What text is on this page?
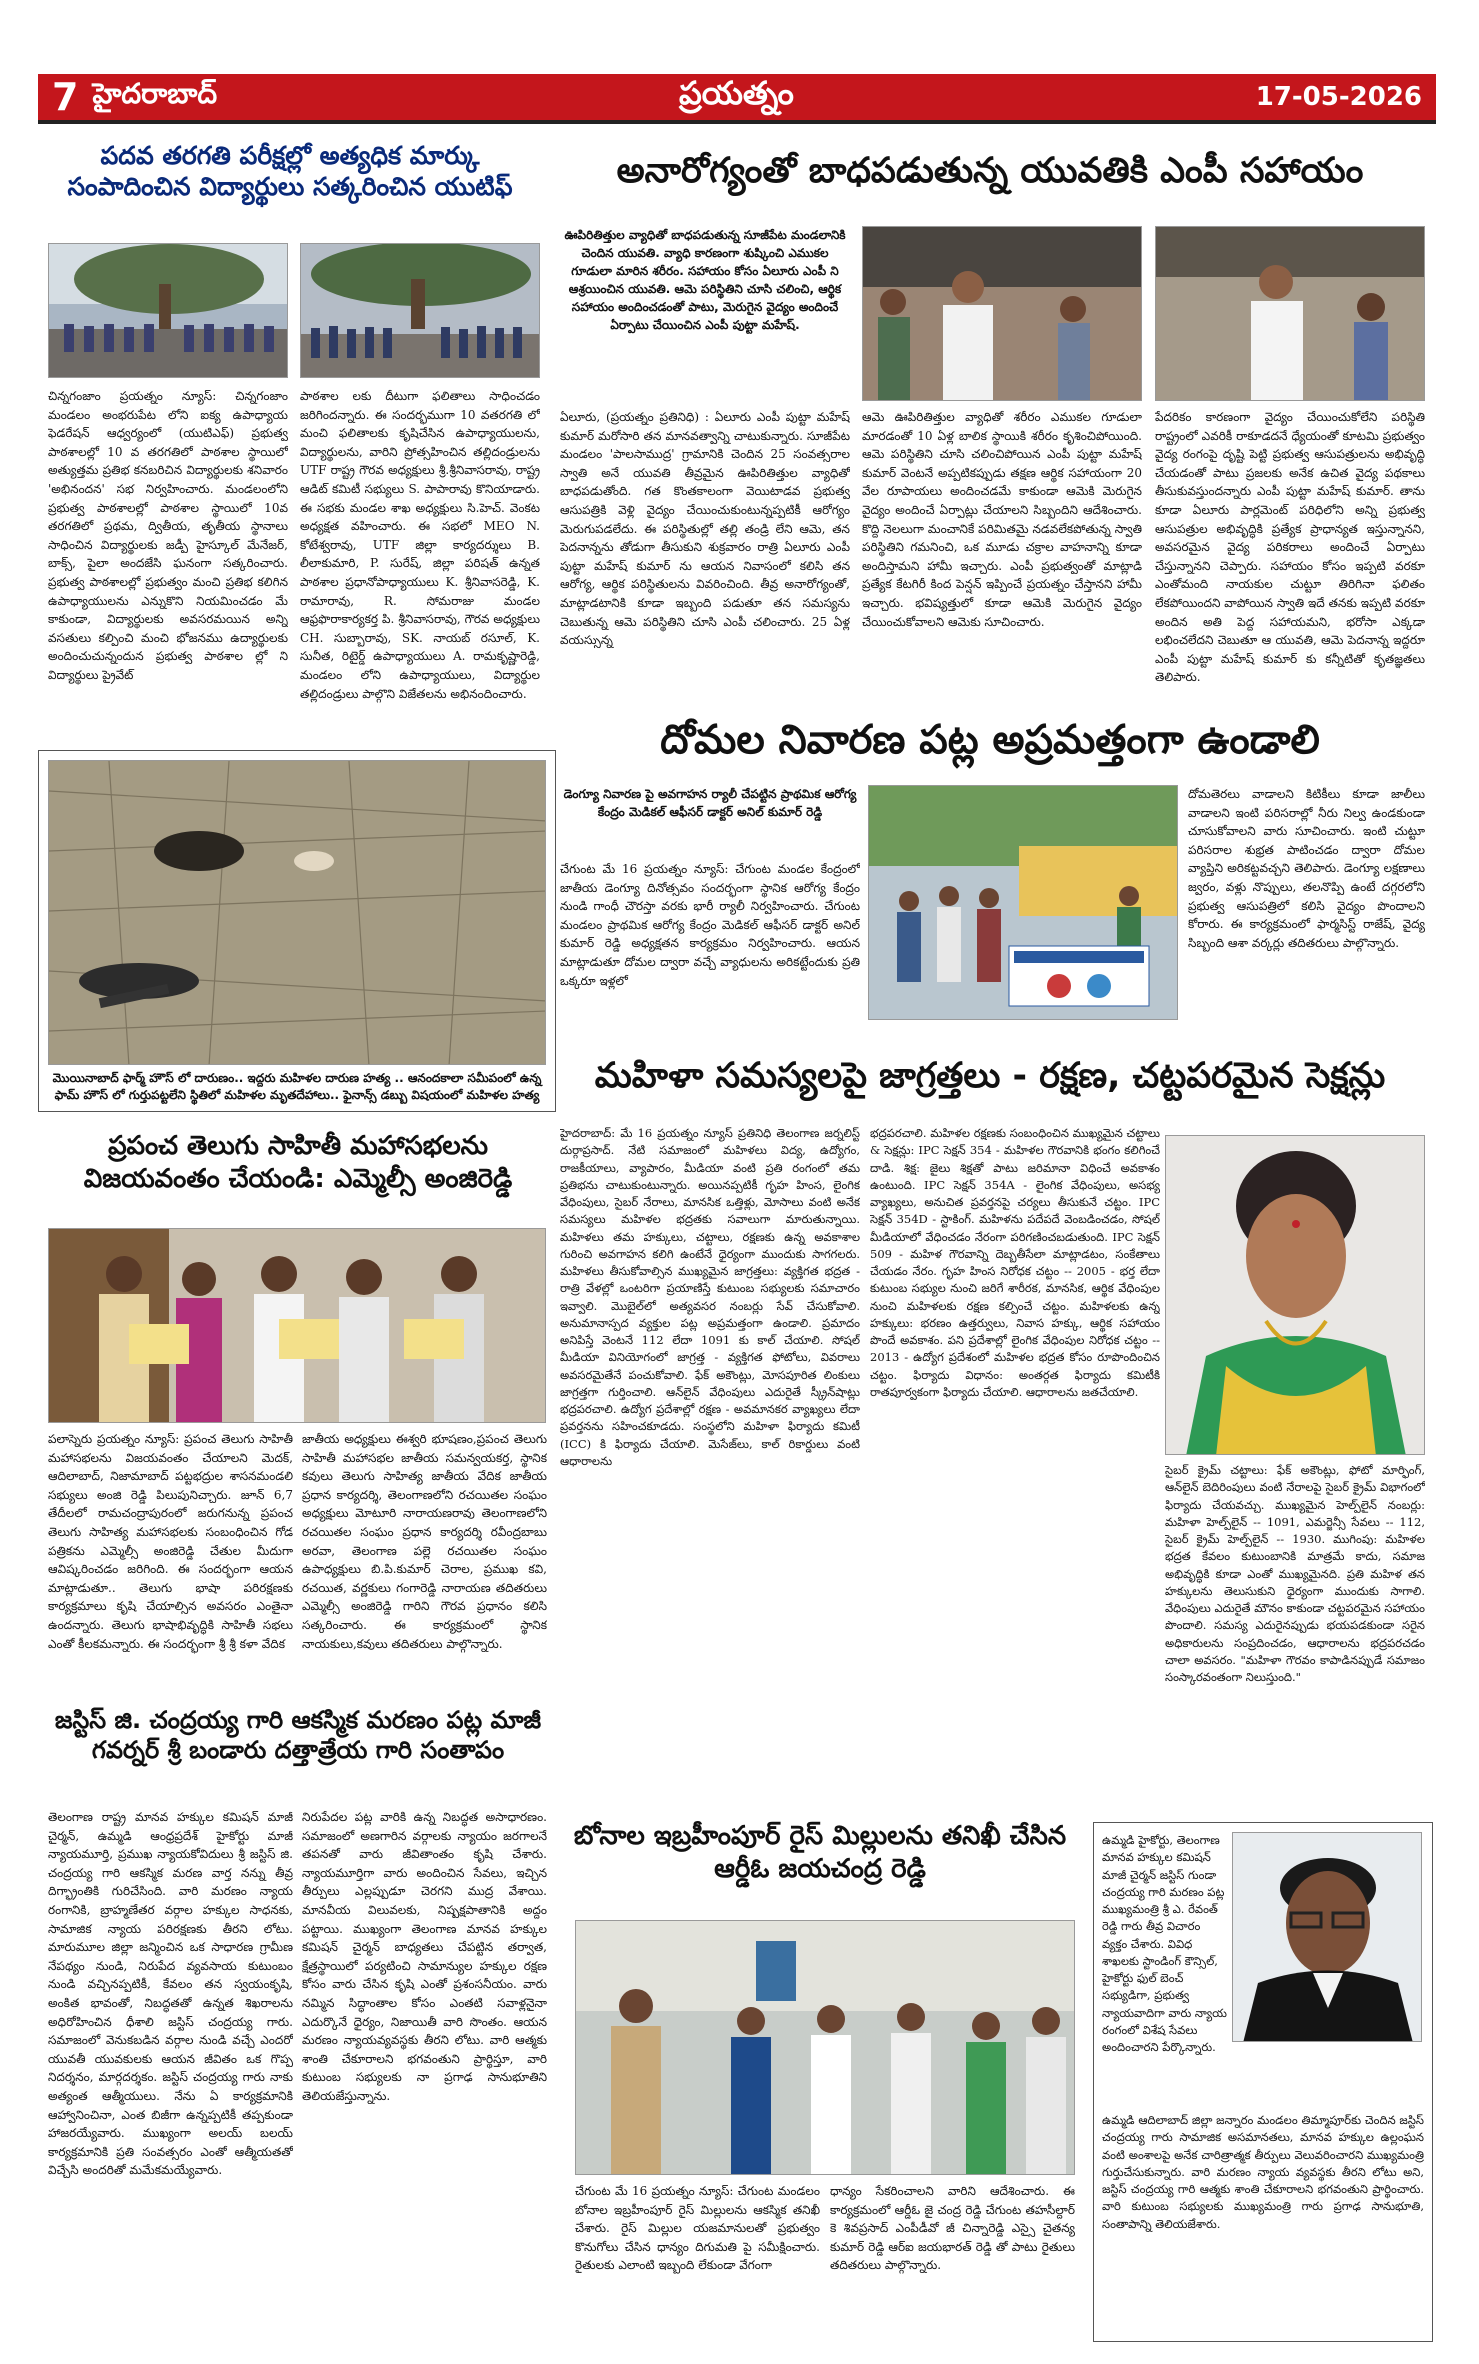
7 హైదరాబాద్	ప్రయత్నం	17-05-2026
పదవ తరగతి పరీక్షల్లో అత్యధిక మార్కు సంపాదించిన విద్యార్థులు సత్కరించిన యుటిఫ్
చిన్నగంజాం ప్రయత్నం న్యూస్: చిన్నగంజాం మండలం అంభరుపేట లోని ఐక్య ఉపాధ్యాయ ఫెడరేషన్ ఆధ్వర్యంలో (యుటిఎఫ్) ప్రభుత్వ పాఠశాలల్లో 10 వ తరగతిలో పాఠశాల స్థాయిలో అత్యుత్తమ ప్రతిభ కనబరిచిన విద్యార్థులకు శనివారం 'అభినందన' సభ నిర్వహించారు. మండలంలోని ప్రభుత్వ పాఠశాలల్లో పాఠశాల స్థాయిలో 10వ తరగతిలో ప్రథమ, ద్వితీయ, తృతీయ స్థానాలు సాధించిన విద్యార్థులకు జడ్పీ హైస్కూల్ మేనేజర్, బాక్స్, పైలా అందజేసి ఘనంగా సత్కరించారు. ప్రభుత్వ పాఠశాలల్లో ప్రభుత్వం మంచి ప్రతిభ కలిగిన ఉపాధ్యాయులను ఎన్నుకొని నియమించడం మే కాకుండా, విద్యార్థులకు అవసరమయిన అన్ని వసతులు కల్పించి మంచి భోజనము ఉద్యార్థులకు అందించుచున్నందున ప్రభుత్వ పాఠశాల ల్లో ని విద్యార్థులు ప్రైవేట్
పాఠశాల లకు దీటుగా ఫలితాలు సాధించడం జరిగిందన్నారు. ఈ సందర్భముగా 10 వతరగతి లో మంచి ఫలితాలకు కృషిచేసిన ఉపాధ్యాయులను, విద్యార్థులను, వారిని ప్రోత్సహించిన తల్లిదండ్రులను UTF రాష్ట్ర గౌరవ అధ్యక్షులు శ్రీ.శ్రీనివాసరావు, రాష్ట్ర ఆడిట్ కమిటీ సభ్యులు S. పాపారావు కొనియాడారు. ఈ సభకు మండల శాఖ అధ్యక్షులు సి.హెచ్. వెంకట అధ్యక్షత వహించారు. ఈ సభలో MEO N. కోటేశ్వరావు, UTF జిల్లా కార్యదర్శులు B. లీలాకుమారి, P. సురేష్, జిల్లా పరిషత్ ఉన్నత పాఠశాల ప్రధానోపాధ్యాయులు K. శ్రీనివాసరెడ్డి, K. రామారావు, R. సోమరాజు మండల ఆఫ్రఫొరాకార్యకర్త పి. శ్రీనివాసరావు, గౌరవ అధ్యక్షులు CH. సుబ్బారావు, SK. నాయబ్ రసూల్, K. సునీత, రిటైర్డ్ ఉపాధ్యాయులు A. రామకృష్ణారెడ్డి, మండలం లోని ఉపాధ్యాయులు, విద్యార్థుల తల్లిదండ్రులు పాల్గొని విజేతలను అభినందించారు.
అనారోగ్యంతో బాధపడుతున్న యువతికి ఎంపీ సహాయం
ఊపిరితిత్తుల వ్యాధితో బాధపడుతున్న సూజీపేట మండలానికి చెందిన యువతి. వ్యాధి కారణంగా శుష్కించి ఎముకల గూడులా మారిన శరీరం. సహాయం కోసం ఏలూరు ఎంపీ ని ఆశ్రయించిన యువతి. ఆమె పరిస్థితిని చూసి చలించి, ఆర్థిక సహాయం అందించడంతో పాటు, మెరుగైన వైద్యం అందించే ఏర్పాటు చేయించిన ఎంపీ పుట్టా మహేష్.
ఏలూరు, (ప్రయత్నం ప్రతినిధి) : ఏలూరు ఎంపీ పుట్టా మహేష్ కుమార్ మరోసారి తన మానవత్వాన్ని చాటుకున్నారు. సూజీపేట మండలం 'పాలసాముద్ర' గ్రామానికి చెందిన 25 సంవత్సరాల స్వాతి అనే యువతి తీవ్రమైన ఊపిరితిత్తుల వ్యాధితో బాధపడుతోంది. గత కొంతకాలంగా వెయిటాడవ ప్రభుత్వ ఆసుపత్రికి వెళ్లి వైద్యం చేయించుకుంటున్నప్పటికీ ఆరోగ్యం మెరుగుపడలేదు. ఈ పరిస్థితుల్లో తల్లి తండ్రి లేని ఆమె, తన పెదనాన్నను తోడుగా తీసుకుని శుక్రవారం రాత్రి ఏలూరు ఎంపీ పుట్టా మహేష్ కుమార్ ను ఆయన నివాసంలో కలిసి తన ఆరోగ్య, ఆర్థిక పరిస్థితులను వివరించింది. తీవ్ర అనారోగ్యంతో, మాట్లాడటానికి కూడా ఇబ్బంది పడుతూ తన సమస్యను చెబుతున్న ఆమె పరిస్థితిని చూసి ఎంపీ చలించారు. 25 ఏళ్ల వయస్సున్న
ఆమె ఊపిరితిత్తుల వ్యాధితో శరీరం ఎముకల గూడులా మారడంతో 10 ఏళ్ల బాలిక స్థాయికి శరీరం కృశించిపోయింది. ఆమె పరిస్థితిని చూసి చలించిపోయిన ఎంపీ పుట్టా మహేష్ కుమార్ వెంటనే అప్పటికప్పుడు తక్షణ ఆర్థిక సహాయంగా 20 వేల రూపాయలు అందించడమే కాకుండా ఆమెకి మెరుగైన వైద్యం అందించే ఏర్పాట్లు చేయాలని సిబ్బందిని ఆదేశించారు. కొద్ది నెలలుగా మంచానికే పరిమితమై నడవలేకపోతున్న స్వాతి పరిస్థితిని గమనించి, ఒక మూడు చక్రాల వాహనాన్ని కూడా అందిస్తామని హామీ ఇచ్చారు. ఎంపీ ప్రభుత్వంతో మాట్లాడి ప్రత్యేక కేటగిరీ కింద పెన్షన్ ఇప్పించే ప్రయత్నం చేస్తానని హామీ ఇచ్చారు. భవిష్యత్తులో కూడా ఆమెకి మెరుగైన వైద్యం చేయించుకోవాలని ఆమెకు సూచించారు.
పేదరికం కారణంగా వైద్యం చేయించుకోలేని పరిస్థితి రాష్ట్రంలో ఎవరికీ రాకూడదనే ధ్యేయంతో కూటమి ప్రభుత్వం వైద్య రంగంపై దృష్టి పెట్టి ప్రభుత్వ ఆసుపత్రులను అభివృద్ధి చేయడంతో పాటు ప్రజలకు అనేక ఉచిత వైద్య పథకాలు తీసుకువస్తుందన్నారు ఎంపీ పుట్టా మహేష్ కుమార్. తాను కూడా ఏలూరు పార్లమెంట్ పరిధిలోని అన్ని ప్రభుత్వ ఆసుపత్రుల అభివృద్ధికి ప్రత్యేక ప్రాధాన్యత ఇస్తున్నానని, అవసరమైన వైద్య పరికరాలు అందించే ఏర్పాటు చేస్తున్నానని చెప్పారు. సహాయం కోసం ఇప్పటి వరకూ ఎంతోమంది నాయకుల చుట్టూ తిరిగినా ఫలితం లేకపోయిందని వాపోయిన స్వాతి ఇదే తనకు ఇప్పటి వరకూ అందిన అతి పెద్ద సహాయమని, భరోసా ఎక్కడా లభించలేదని చెబుతూ ఆ యువతి, ఆమె పెదనాన్న ఇద్దరూ ఎంపీ పుట్టా మహేష్ కుమార్ కు కన్నీటితో కృతజ్ఞతలు తెలిపారు.
మొయినాబాద్ ఫార్మ్ హౌస్ లో దారుణం.. ఇద్దరు మహిళల దారుణ హత్య .. ఆనందకాలా సమీపంలో ఉన్న ఫామ్ హౌస్ లో గుర్తుపట్టలేని స్థితిలో మహిళల మృతదేహాలు.. ఫైనాన్స్ డబ్బు విషయంలో మహిళల హత్య
దోమల నివారణ పట్ల అప్రమత్తంగా ఉండాలి
డెంగ్యూ నివారణ పై అవగాహన ర్యాలీ చేపట్టిన ప్రాథమిక ఆరోగ్య కేంద్రం మెడికల్ ఆఫీసర్ డాక్టర్ అనిల్ కుమార్ రెడ్డి
చేగుంట మే 16 ప్రయత్నం న్యూస్: చేగుంట మండల కేంద్రంలో జాతీయ డెంగ్యూ దినోత్సవం సందర్భంగా స్థానిక ఆరోగ్య కేంద్రం నుండి గాంధీ చౌరస్తా వరకు భారీ ర్యాలీ నిర్వహించారు. చేగుంట మండలం ప్రాథమిక ఆరోగ్య కేంద్రం మెడికల్ ఆఫీసర్ డాక్టర్ అనిల్ కుమార్ రెడ్డి అధ్యక్షతన కార్యక్రమం నిర్వహించారు. ఆయన మాట్లాడుతూ దోమల ద్వారా వచ్చే వ్యాధులను అరికట్టేందుకు ప్రతి ఒక్కరూ ఇళ్లలో
దోమతెరలు వాడాలని కిటికీలు కూడా జాలీలు వాడాలని ఇంటి పరిసరాల్లో నీరు నిల్వ ఉండకుండా చూసుకోవాలని వారు సూచించారు. ఇంటి చుట్టూ పరిసరాల శుభ్రత పాటించడం ద్వారా దోమల వ్యాప్తిని అరికట్టవచ్చని తెలిపారు. డెంగ్యూ లక్షణాలు జ్వరం, వళ్లు నొప్పులు, తలనొప్పి ఉంటే దగ్గరలోని ప్రభుత్వ ఆసుపత్రిలో కలిసి వైద్యం పొందాలని కోరారు. ఈ కార్యక్రమంలో ఫార్మసిస్ట్ రాజేష్, వైద్య సిబ్బంది ఆశా వర్కర్లు తదితరులు పాల్గొన్నారు.
ప్రపంచ తెలుగు సాహితీ మహాసభలను విజయవంతం చేయండి: ఎమ్మెల్సీ అంజిరెడ్డి
పలాస్నెరు ప్రయత్నం న్యూస్: ప్రపంచ తెలుగు సాహితీ మహాసభలను విజయవంతం చేయాలని మెదక్, ఆదిలాబాద్, నిజామాబాద్ పట్టభద్రుల శాసనమండలి సభ్యులు అంజి రెడ్డి పిలుపునిచ్చారు. జూన్ 6,7 తేదీలలో రామచంద్రాపురంలో జరుగనున్న ప్రపంచ తెలుగు సాహిత్య మహాసభలకు సంబంధించిన గోడ పత్రికను ఎమ్మెల్సీ అంజిరెడ్డి చేతుల మీదుగా ఆవిష్కరించడం జరిగింది. ఈ సందర్భంగా ఆయన మాట్లాడుతూ.. తెలుగు భాషా పరిరక్షణకు కార్యక్రమాలు కృషి చేయాల్సిన అవసరం ఎంతైనా ఉందన్నారు. తెలుగు భాషాభివృద్ధికి సాహితీ సభలు ఎంతో కీలకమన్నారు. ఈ సందర్భంగా శ్రీ శ్రీ కళా వేదిక
జాతీయ అధ్యక్షులు ఈశ్వరి భూషణం,ప్రపంచ తెలుగు సాహితీ మహాసభల జాతీయ సమన్వయకర్త, స్థానిక కవులు తెలుగు సాహిత్య జాతీయ వేదిక జాతీయ ప్రధాన కార్యదర్శి, తెలంగాణలోని రచయితల సంఘం అధ్యక్షులు మోటూరి నారాయణరావు తెలంగాణలోని రచయితల సంఘం ప్రధాన కార్యదర్శి రవీంద్రబాబు అరవా, తెలంగాణ పల్లె రచయితల సంఘం ఉపాధ్యక్షులు బి.పి.కుమార్ చెరాల, ప్రముఖ కవి, రచయిత, వర్ణకులు గంగారెడ్డి నారాయణ తదితరులు ఎమ్మెల్సీ అంజిరెడ్డి గారిని గౌరవ ప్రధానం కలిసి సత్కరించారు. ఈ కార్యక్రమంలో స్థానిక నాయకులు,కవులు తదితరులు పాల్గొన్నారు.
జస్టిస్ జి. చంద్రయ్య గారి ఆకస్మిక మరణం పట్ల మాజీ గవర్నర్ శ్రీ బండారు దత్తాత్రేయ గారి సంతాపం
తెలంగాణ రాష్ట్ర మానవ హక్కుల కమిషన్ మాజీ చైర్మన్, ఉమ్మడి ఆంధ్రప్రదేశ్ హైకోర్టు మాజీ న్యాయమూర్తి, ప్రముఖ న్యాయకోవిదులు శ్రీ జస్టిస్ జి. చంద్రయ్య గారి ఆకస్మిక మరణ వార్త నన్ను తీవ్ర దిగ్భ్రాంతికి గురిచేసింది. వారి మరణం న్యాయ రంగానికి, బ్రాహ్మణేతర వర్గాల హక్కుల సాధనకు, సామాజిక న్యాయ పరిరక్షణకు తీరని లోటు. మారుమూల జిల్లా జన్మించిన ఒక సాధారణ గ్రామీణ నేపథ్యం నుండి, నిరుపేద వ్యవసాయ కుటుంబం నుండి వచ్చినప్పటికీ, కేవలం తన స్వయంకృషి, అంకిత భావంతో, నిబద్ధతతో ఉన్నత శిఖరాలను అధిరోహించిన ధీశాలి జస్టిస్ చంద్రయ్య గారు. సమాజంలో వెనుకబడిన వర్గాల నుండి వచ్చే ఎందరో యువతీ యువకులకు ఆయన జీవితం ఒక గొప్ప నిదర్శనం, మార్గదర్శకం. జస్టిస్ చంద్రయ్య గారు నాకు అత్యంత ఆత్మీయులు. నేను ఏ కార్యక్రమానికి ఆహ్వానించినా, ఎంత బిజీగా ఉన్నప్పటికీ తప్పకుండా హాజరయ్యేవారు. ముఖ్యంగా అలయ్ బలయ్ కార్యక్రమానికి ప్రతి సంవత్సరం ఎంతో ఆత్మీయతతో విచ్చేసి అందరితో మమేకమయ్యేవారు.
నిరుపేదల పట్ల వారికి ఉన్న నిబద్ధత అసాధారణం. సమాజంలో అణగారిన వర్గాలకు న్యాయం జరగాలనే తపనతో వారు జీవితాంతం కృషి చేశారు. న్యాయమూర్తిగా వారు అందించిన సేవలు, ఇచ్చిన తీర్పులు ఎల్లప్పుడూ చెరగని ముద్ర వేశాయి. మానవీయ విలువలకు, నిష్పక్షపాతానికి అద్దం పట్టాయి. ముఖ్యంగా తెలంగాణ మానవ హక్కుల కమిషన్ చైర్మన్ బాధ్యతలు చేపట్టిన తర్వాత, క్షేత్రస్థాయిలో పర్యటించి సామాన్యుల హక్కుల రక్షణ కోసం వారు చేసిన కృషి ఎంతో ప్రశంసనీయం. వారు నమ్మిన సిద్ధాంతాల కోసం ఎంతటి సవాళ్లనైనా ఎదుర్కొనే ధైర్యం, నిజాయితీ వారి సొంతం. ఆయన మరణం న్యాయవ్యవస్థకు తీరని లోటు. వారి ఆత్మకు శాంతి చేకూరాలని భగవంతుని ప్రార్థిస్తూ, వారి కుటుంబ సభ్యులకు నా ప్రగాఢ సానుభూతిని తెలియజేస్తున్నాను.
మహిళా సమస్యలపై జాగ్రత్తలు - రక్షణ, చట్టపరమైన సెక్షన్లు
హైదరాబాద్: మే 16 ప్రయత్నం న్యూస్ ప్రతినిధి తెలంగాణ జర్నలిస్ట్ దుర్గాప్రసాద్. నేటి సమాజంలో మహిళలు విద్య, ఉద్యోగం, రాజకీయాలు, వ్యాపారం, మీడియా వంటి ప్రతి రంగంలో తమ ప్రతిభను చాటుకుంటున్నారు. అయినప్పటికీ గృహ హింస, లైంగిక వేధింపులు, సైబర్ నేరాలు, మానసిక ఒత్తిళ్లు, మోసాలు వంటి అనేక సమస్యలు మహిళల భద్రతకు సవాలుగా మారుతున్నాయి. మహిళలు తమ హక్కులు, చట్టాలు, రక్షణకు ఉన్న అవకాశాల గురించి అవగాహన కలిగి ఉంటేనే ధైర్యంగా ముందుకు సాగగలరు. మహిళలు తీసుకోవాల్సిన ముఖ్యమైన జాగ్రత్తలు: వ్యక్తిగత భద్రత - రాత్రి వేళల్లో ఒంటరిగా ప్రయాణిస్తే కుటుంబ సభ్యులకు సమాచారం ఇవ్వాలి. మొబైల్‌లో అత్యవసర నంబర్లు సేవ్ చేసుకోవాలి. అనుమానాస్పద వ్యక్తుల పట్ల అప్రమత్తంగా ఉండాలి. ప్రమాదం అనిపిస్తే వెంటనే 112 లేదా 1091 కు కాల్ చేయాలి. సోషల్ మీడియా వినియోగంలో జాగ్రత్త - వ్యక్తిగత ఫోటోలు, వివరాలు అవసరమైతేనే పంచుకోవాలి. ఫేక్ అకౌంట్లు, మోసపూరిత లింకులు జాగ్రత్తగా గుర్తించాలి. ఆన్‌లైన్ వేధింపులు ఎదురైతే స్క్రీన్‌షాట్లు భద్రపరచాలి. ఉద్యోగ ప్రదేశాల్లో రక్షణ - అవమానకర వ్యాఖ్యలు లేదా ప్రవర్తనను సహించకూడదు. సంస్థలోని మహిళా ఫిర్యాదు కమిటీ (ICC) కి ఫిర్యాదు చేయాలి. మెసేజ్‌లు, కాల్ రికార్డులు వంటి ఆధారాలను
భద్రపరచాలి. మహిళల రక్షణకు సంబంధించిన ముఖ్యమైన చట్టాలు & సెక్షన్లు: IPC సెక్షన్ 354 - మహిళల గౌరవానికి భంగం కలిగించే దాడి. శిక్ష: జైలు శిక్షతో పాటు జరిమానా విధించే అవకాశం ఉంటుంది. IPC సెక్షన్ 354A - లైంగిక వేధింపులు, అసభ్య వ్యాఖ్యలు, అనుచిత ప్రవర్తనపై చర్యలు తీసుకునే చట్టం. IPC సెక్షన్ 354D - స్టాకింగ్. మహిళను పదేపదే వెంబడించడం, సోషల్ మీడియాలో వేధించడం నేరంగా పరిగణించబడుతుంది. IPC సెక్షన్ 509 - మహిళ గౌరవాన్ని దెబ్బతీసేలా మాట్లాడటం, సంకేతాలు చేయడం నేరం. గృహ హింస నిరోధక చట్టం -- 2005 - భర్త లేదా కుటుంబ సభ్యుల నుంచి జరిగే శారీరక, మానసిక, ఆర్థిక వేధింపుల నుంచి మహిళలకు రక్షణ కల్పించే చట్టం. మహిళలకు ఉన్న హక్కులు: భరణం ఉత్తర్వులు, నివాస హక్కు, ఆర్థిక సహాయం పొందే అవకాశం. పని ప్రదేశాల్లో లైంగిక వేధింపుల నిరోధక చట్టం -- 2013 - ఉద్యోగ ప్రదేశంలో మహిళల భద్రత కోసం రూపొందించిన చట్టం. ఫిర్యాదు విధానం: అంతర్గత ఫిర్యాదు కమిటీకి రాతపూర్వకంగా ఫిర్యాదు చేయాలి. ఆధారాలను జతచేయాలి.
సైబర్ క్రైమ్ చట్టాలు: ఫేక్ అకౌంట్లు, ఫోటో మార్ఫింగ్, ఆన్‌లైన్ బెదిరింపులు వంటి నేరాలపై సైబర్ క్రైమ్ విభాగంలో ఫిర్యాదు చేయవచ్చు. ముఖ్యమైన హెల్ప్‌లైన్ నంబర్లు: మహిళా హెల్ప్‌లైన్ -- 1091, ఎమర్జెన్సీ సేవలు -- 112, సైబర్ క్రైమ్ హెల్ప్‌లైన్ -- 1930. ముగింపు: మహిళల భద్రత కేవలం కుటుంబానికి మాత్రమే కాదు, సమాజ అభివృద్ధికి కూడా ఎంతో ముఖ్యమైనది. ప్రతి మహిళ తన హక్కులను తెలుసుకుని ధైర్యంగా ముందుకు సాగాలి. వేధింపులు ఎదురైతే మౌనం కాకుండా చట్టపరమైన సహాయం పొందాలి. సమస్య ఎదురైనప్పుడు భయపడకుండా సరైన అధికారులను సంప్రదించడం, ఆధారాలను భద్రపరచడం చాలా అవసరం. "మహిళా గౌరవం కాపాడినప్పుడే సమాజం సంస్కారవంతంగా నిలుస్తుంది."
బోనాల ఇబ్రహీంపూర్ రైస్ మిల్లులను తనిఖీ చేసిన ఆర్డీఓ జయచంద్ర రెడ్డి
చేగుంట మే 16 ప్రయత్నం న్యూస్: చేగుంట మండలం బోనాల ఇబ్రహీంపూర్ రైస్ మిల్లులను ఆకస్మిక తనిఖీ చేశారు. రైస్ మిల్లుల యజమానులతో ప్రభుత్వం కొనుగోలు చేసిన ధాన్యం దిగుమతి పై సమీక్షించారు. రైతులకు ఎలాంటి ఇబ్బంది లేకుండా వేగంగా
ధాన్యం సేకరించాలని వారిని ఆదేశించారు. ఈ కార్యక్రమంలో ఆర్డీఓ జై చంద్ర రెడ్డి చేగుంట తహసీల్దార్ కె శివప్రసాద్ ఎంపీడీవో జీ చిన్నారెడ్డి ఎస్సై చైతన్య కుమార్ రెడ్డి ఆర్ఐ జయభారత్ రెడ్డి తో పాటు రైతులు తదితరులు పాల్గొన్నారు.
ఉమ్మడి హైకోర్టు, తెలంగాణ మానవ హక్కుల కమిషన్ మాజీ చైర్మన్ జస్టిస్ గుండా చంద్రయ్య గారి మరణం పట్ల ముఖ్యమంత్రి శ్రీ ఎ. రేవంత్ రెడ్డి గారు తీవ్ర విచారం వ్యక్తం చేశారు. వివిధ శాఖలకు స్టాండింగ్ కౌన్సిల్, హైకోర్టు ఫుల్ బెంచ్ సభ్యుడిగా, ప్రభుత్వ న్యాయవాదిగా వారు న్యాయ రంగంలో విశేష సేవలు అందించారని పేర్కొన్నారు.
ఉమ్మడి ఆదిలాబాద్ జిల్లా జన్నారం మండలం తిమ్మాపూర్‌కు చెందిన జస్టిస్ చంద్రయ్య గారు సామాజిక అసమానతలు, మానవ హక్కుల ఉల్లంఘన వంటి అంశాలపై అనేక చారిత్రాత్మక తీర్పులు వెలువరించారని ముఖ్యమంత్రి గుర్తుచేసుకున్నారు. వారి మరణం న్యాయ వ్యవస్థకు తీరని లోటు అని, జస్టిస్ చంద్రయ్య గారి ఆత్మకు శాంతి చేకూరాలని భగవంతుని ప్రార్థించారు. వారి కుటుంబ సభ్యులకు ముఖ్యమంత్రి గారు ప్రగాఢ సానుభూతి, సంతాపాన్ని తెలియజేశారు.
